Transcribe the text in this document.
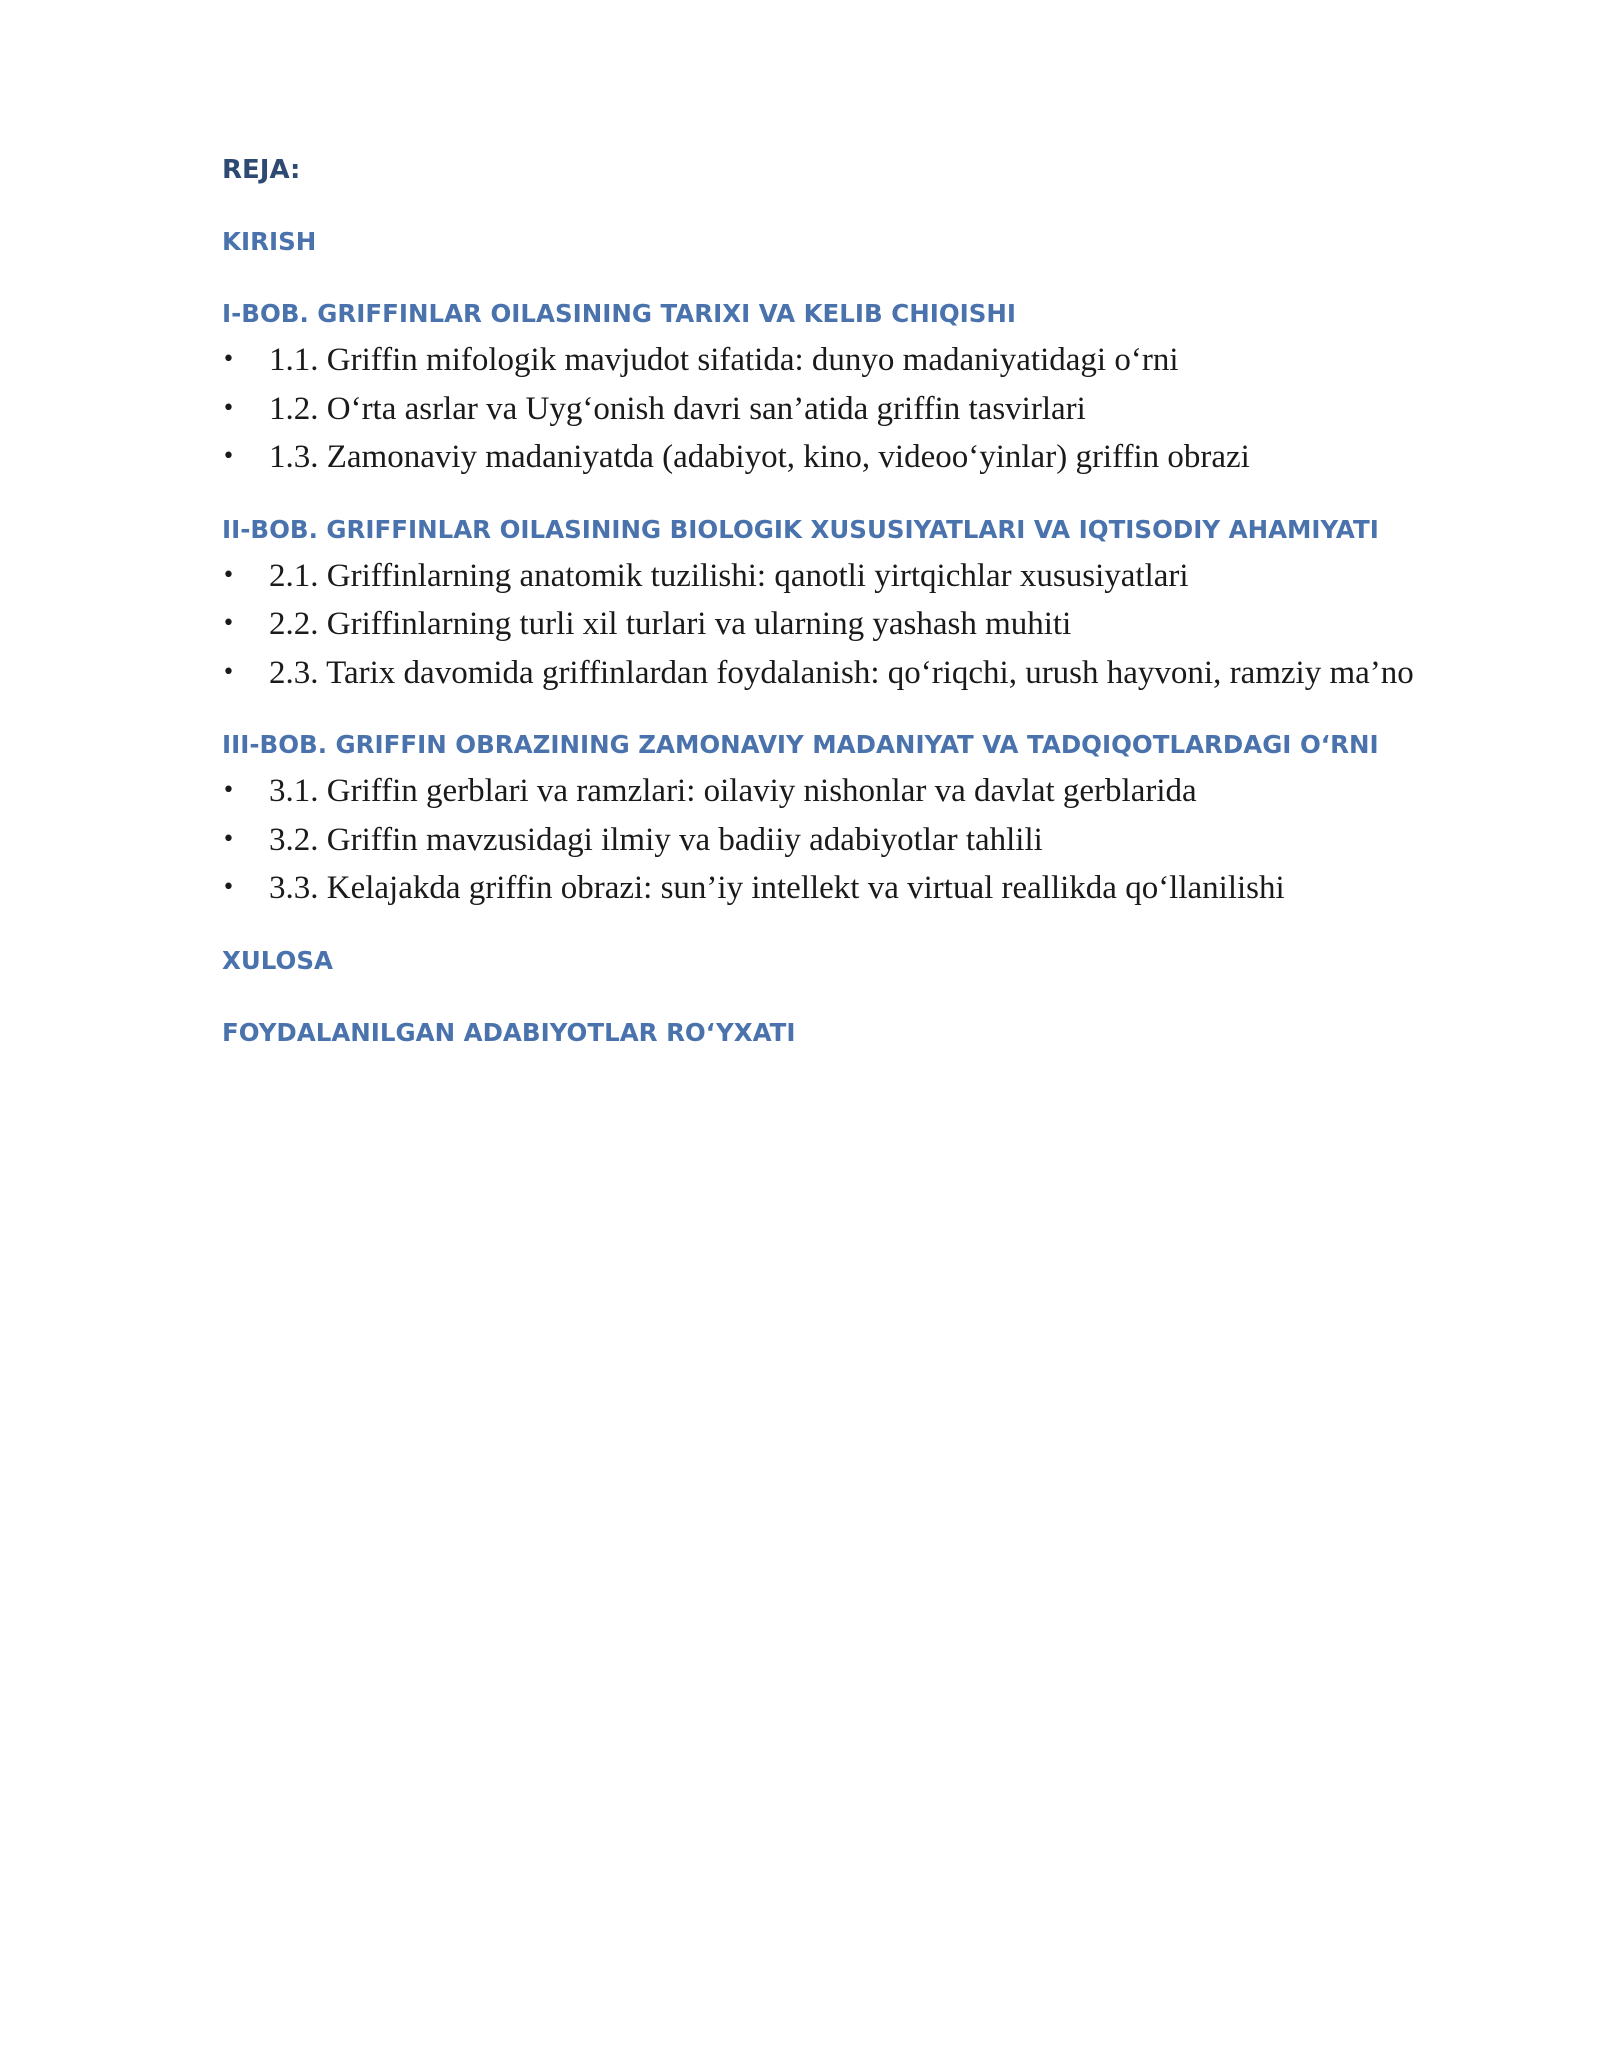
REJA:
KIRISH
I-BOB. GRIFFINLAR OILASINING TARIXI VA KELIB CHIQISHI
• 1.1. Griffin mifologik mavjudot sifatida: dunyo madaniyatidagi o‘rni
• 1.2. O‘rta asrlar va Uyg‘onish davri san’atida griffin tasvirlari
• 1.3. Zamonaviy madaniyatda (adabiyot, kino, videoo‘yinlar) griffin obrazi
II-BOB. GRIFFINLAR OILASINING BIOLOGIK XUSUSIYATLARI VA IQTISODIY AHAMIYATI
• 2.1. Griffinlarning anatomik tuzilishi: qanotli yirtqichlar xususiyatlari
• 2.2. Griffinlarning turli xil turlari va ularning yashash muhiti
• 2.3. Tarix davomida griffinlardan foydalanish: qo‘riqchi, urush hayvoni, ramziy ma’no
III-BOB. GRIFFIN OBRAZINING ZAMONAVIY MADANIYAT VA TADQIQOTLARDAGI O‘RNI
• 3.1. Griffin gerblari va ramzlari: oilaviy nishonlar va davlat gerblarida
• 3.2. Griffin mavzusidagi ilmiy va badiiy adabiyotlar tahlili
• 3.3. Kelajakda griffin obrazi: sun’iy intellekt va virtual reallikda qo‘llanilishi
XULOSA
FOYDALANILGAN ADABIYOTLAR RO‘YXATI
